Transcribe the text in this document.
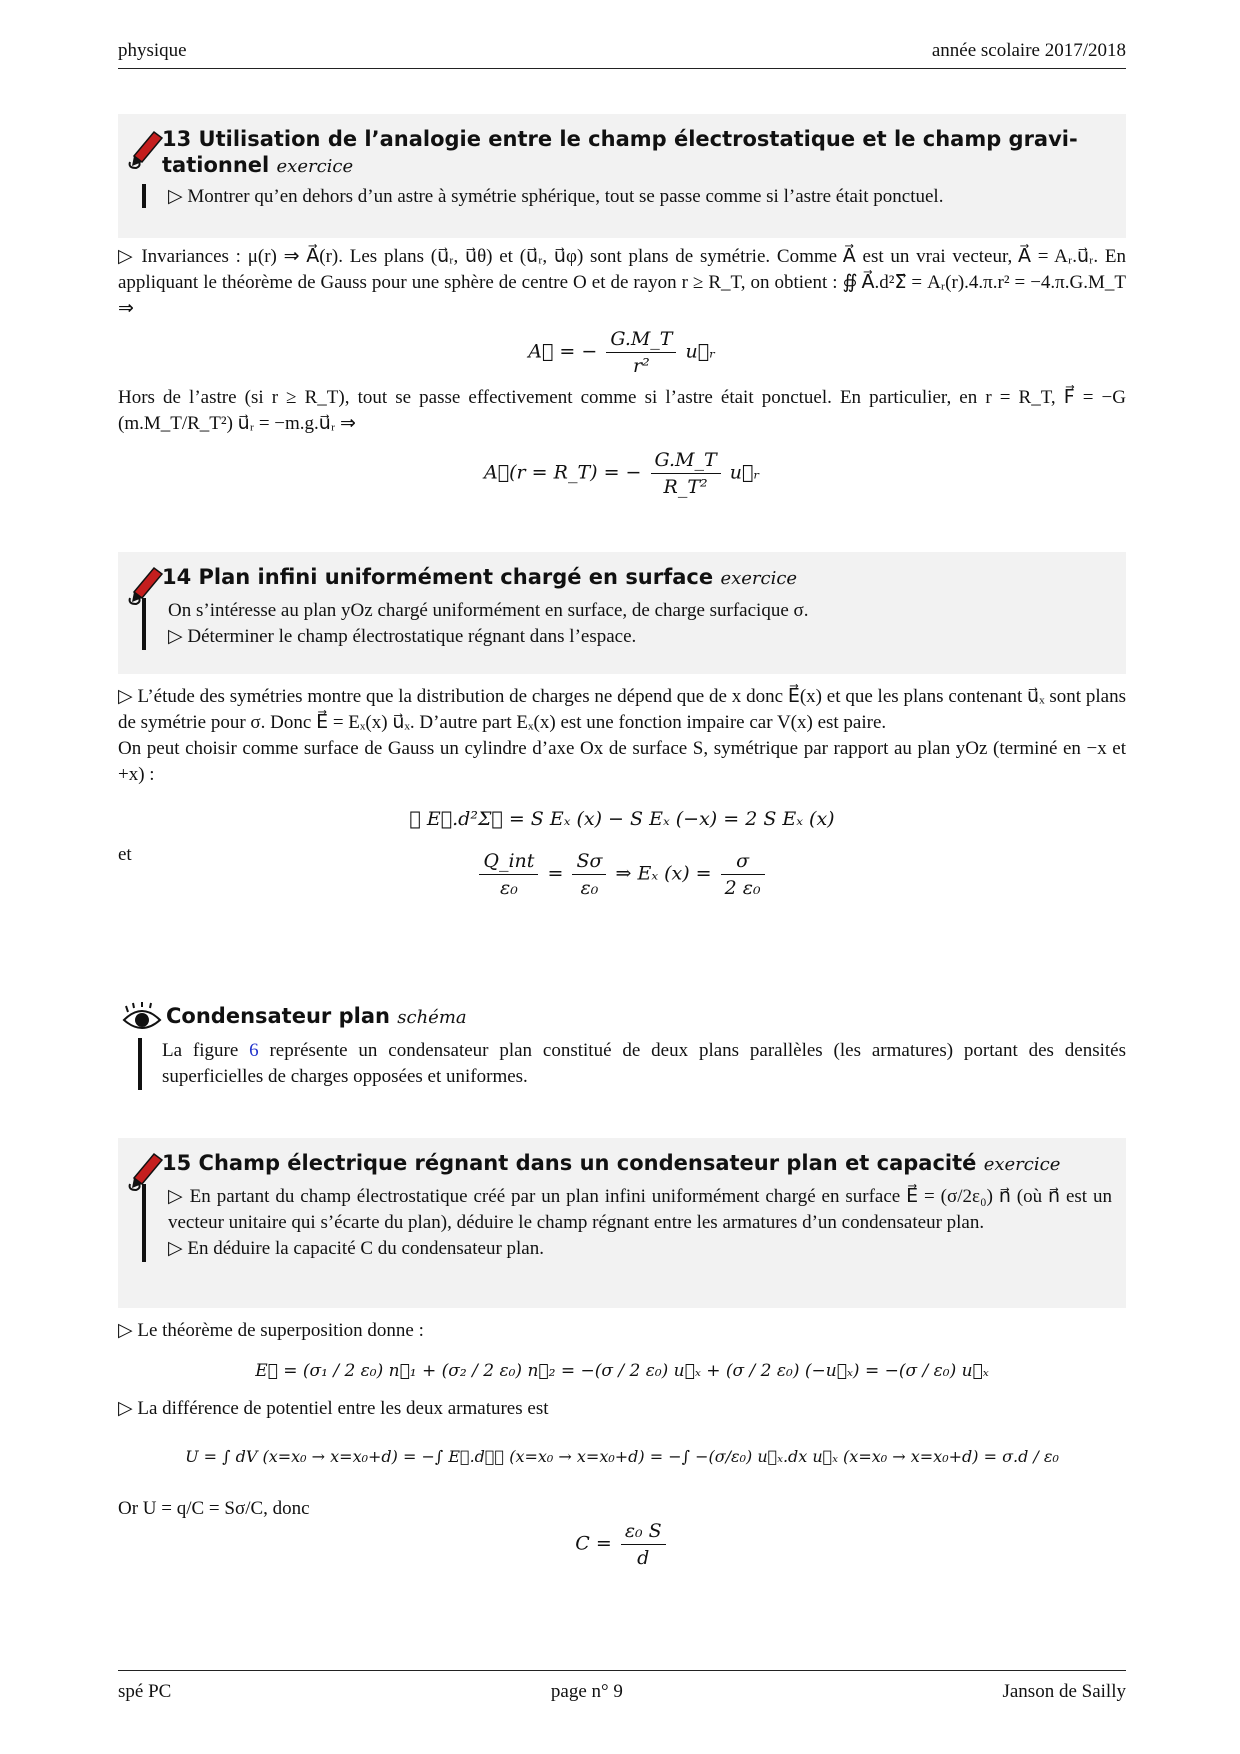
physique	année scolaire 2017/2018
13 Utilisation de l’analogie entre le champ électrostatique et le champ gravi-
tationnel exercice
▷ Montrer qu’en dehors d’un astre à symétrie sphérique, tout se passe comme si l’astre était ponctuel.
▷ Invariances : μ(r) ⇒ A⃗(r). Les plans (u⃗ᵣ, u⃗θ) et (u⃗ᵣ, u⃗φ) sont plans de symétrie. Comme A⃗ est un vrai vecteur, A⃗ = Aᵣ.u⃗ᵣ. En appliquant le théorème de Gauss pour une sphère de centre O et de rayon r ≥ R_T, on obtient : ∯ A⃗.d²Σ⃗ = Aᵣ(r).4.π.r² = −4.π.G.M_T ⇒
A⃗ = − $\frac{G.M\_T}{\text{r²}}$ u⃗ᵣ
Hors de l’astre (si r ≥ R_T), tout se passe effectivement comme si l’astre était ponctuel. En particulier, en r = R_T, F⃗ = −G (m.M_T/R_T²) u⃗ᵣ = −m.g.u⃗ᵣ ⇒
A⃗(r = R_T) = − $\frac{G.M\_T}{\text{R\_T²}}$ u⃗ᵣ
14 Plan infini uniformément chargé en surface exercice
On s’intéresse au plan yOz chargé uniformément en surface, de charge surfacique σ.
▷ Déterminer le champ électrostatique régnant dans l’espace.
▷ L’étude des symétries montre que la distribution de charges ne dépend que de x donc E⃗(x) et que les plans contenant u⃗ₓ sont plans de symétrie pour σ. Donc E⃗ = Eₓ(x) u⃗ₓ. D’autre part Eₓ(x) est une fonction impaire car V(x) est paire.
On peut choisir comme surface de Gauss un cylindre d’axe Ox de surface S, symétrique par rapport au plan yOz (terminé en −x et +x) :
∯ E⃗.d²Σ⃗ = S Eₓ (x) − S Eₓ (−x) = 2 S Eₓ (x)
et	$\frac{\text{Q\_int}}{\text{ε₀}} = \frac{S\sigma}{\text{ε₀}}$ ⇒ Eₓ $(x) = \frac{\sigma}{\text{2 ε₀}}$
Condensateur plan schéma
La figure 6 représente un condensateur plan constitué de deux plans parallèles (les armatures) portant des densités superficielles de charges opposées et uniformes.
15 Champ électrique régnant dans un condensateur plan et capacité exercice
▷ En partant du champ électrostatique créé par un plan infini uniformément chargé en surface E⃗ = (σ/2ε₀) n⃗ (où n⃗ est un vecteur unitaire qui s’écarte du plan), déduire le champ régnant entre les armatures d’un condensateur plan.
▷ En déduire la capacité C du condensateur plan.
▷ Le théorème de superposition donne :
E⃗ = (σ₁ / 2 ε₀) n⃗₁ + (σ₂ / 2 ε₀) n⃗₂ = −(σ / 2 ε₀) u⃗ₓ + (σ / 2 ε₀) (−u⃗ₓ) = −(σ / ε₀) u⃗ₓ
▷ La différence de potentiel entre les deux armatures est
U = ∫ dV (x=x₀ → x=x₀+d) = −∫ E⃗.dℓ⃗ (x=x₀ → x=x₀+d) = −∫ −(σ/ε₀) u⃗ₓ.dx u⃗ₓ (x=x₀ → x=x₀+d) = σ.d / ε₀
Or U = q/C = Sσ/C, donc
$C = \frac{\text{ε₀ S}}{d}$
spé PC	page n° 9	Janson de Sailly
